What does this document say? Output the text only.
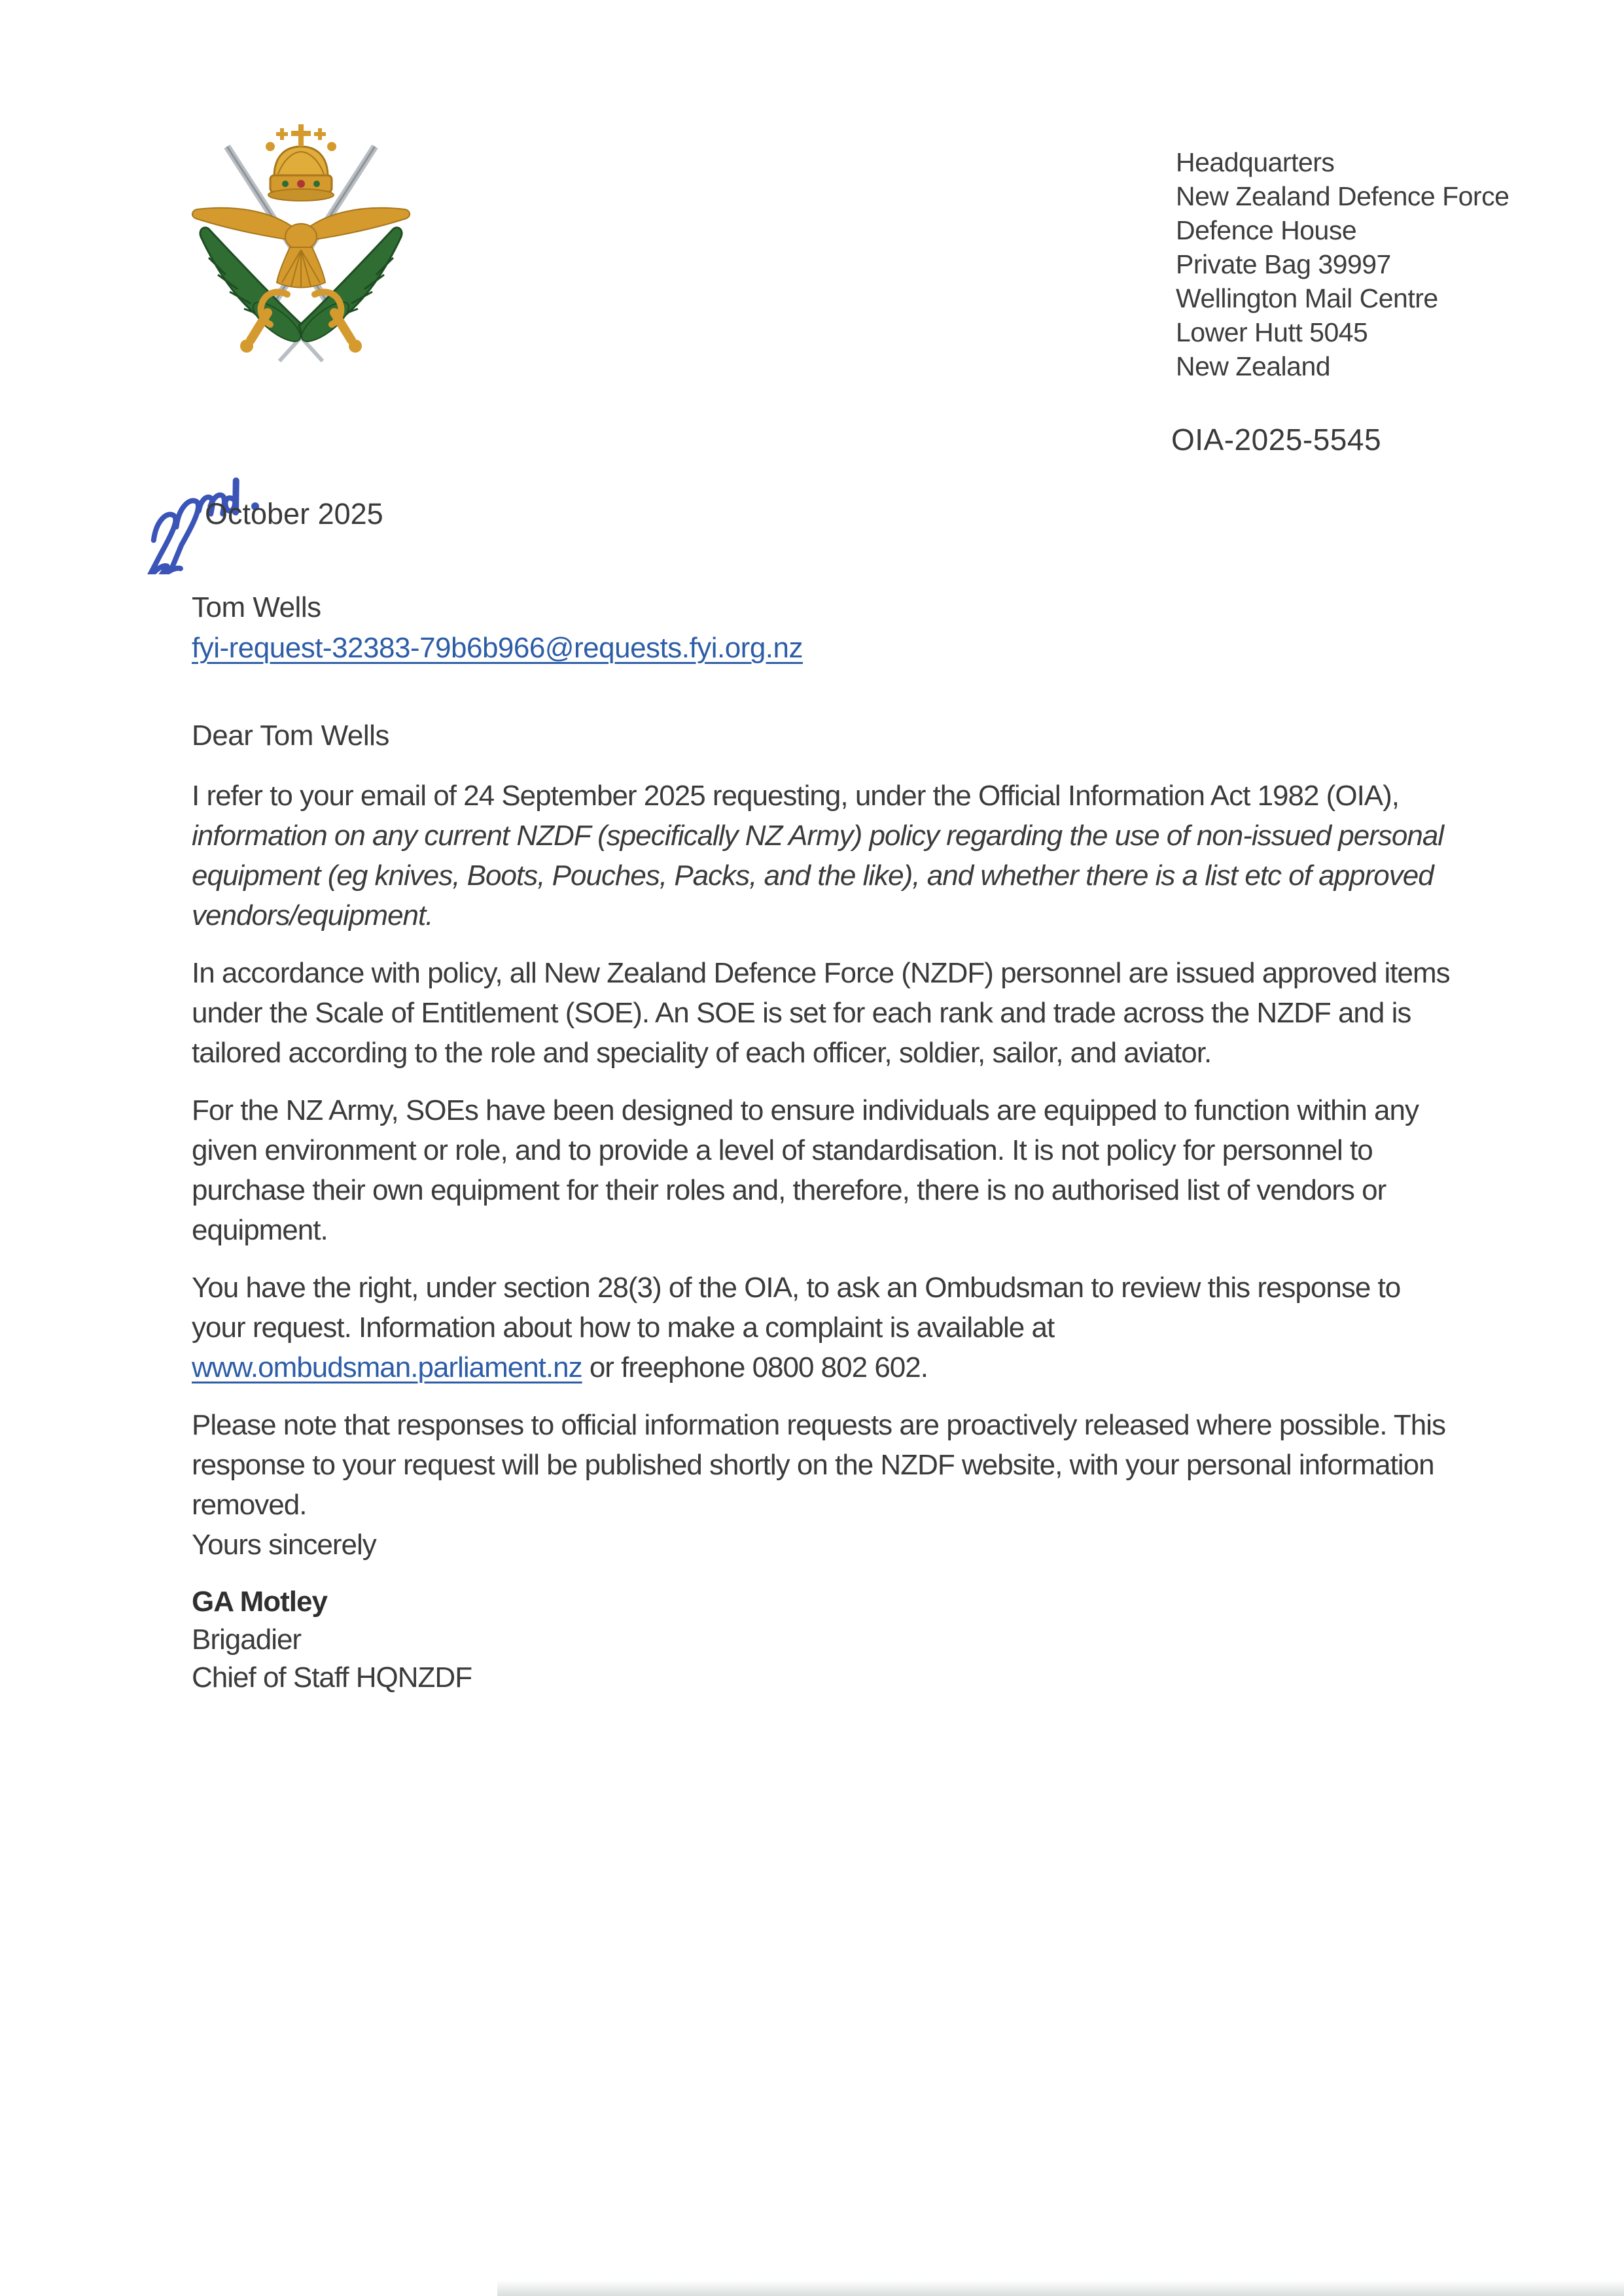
Headquarters
New Zealand Defence Force
Defence House
Private Bag 39997
Wellington Mail Centre
Lower Hutt 5045
New Zealand
OIA-2025-5545
October 2025
Tom Wells
fyi-request-32383-79b6b966@requests.fyi.org.nz
Dear Tom Wells

I refer to your email of 24 September 2025 requesting, under the Official Information Act 1982 (OIA), information on any current NZDF (specifically NZ Army) policy regarding the use of non-issued personal equipment (eg knives, Boots, Pouches, Packs, and the like), and whether there is a list etc of approved vendors/equipment.

In accordance with policy, all New Zealand Defence Force (NZDF) personnel are issued approved items under the Scale of Entitlement (SOE). An SOE is set for each rank and trade across the NZDF and is tailored according to the role and speciality of each officer, soldier, sailor, and aviator.

For the NZ Army, SOEs have been designed to ensure individuals are equipped to function within any given environment or role, and to provide a level of standardisation. It is not policy for personnel to purchase their own equipment for their roles and, therefore, there is no authorised list of vendors or equipment.

You have the right, under section 28(3) of the OIA, to ask an Ombudsman to review this response to your request. Information about how to make a complaint is available at www.ombudsman.parliament.nz or freephone 0800 802 602.

Please note that responses to official information requests are proactively released where possible. This response to your request will be published shortly on the NZDF website, with your personal information removed.

Yours sincerely

GA Motley
Brigadier
Chief of Staff HQNZDF
